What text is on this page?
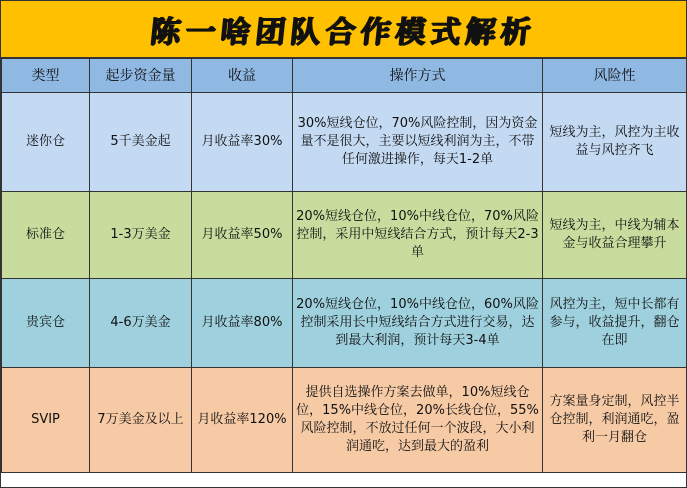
陈一啥团队合作模式解析
类型	起步资金量	收益	操作方式	风险性
迷你仓	5千美金起	月收益率30%	30%短线仓位，70%风险控制，因为资金量不是很大，主要以短线利润为主，不带任何激进操作，每天1-2单	短线为主，风控为主收益与风控齐飞
标准仓	1-3万美金	月收益率50%	20%短线仓位，10%中线仓位，70%风险控制，采用中短线结合方式，预计每天2-3单	短线为主，中线为辅本金与收益合理攀升
贵宾仓	4-6万美金	月收益率80%	20%短线仓位，10%中线仓位，60%风险控制采用长中短线结合方式进行交易，达到最大利润，预计每天3-4单	风控为主，短中长都有参与，收益提升，翻仓在即
SVIP	7万美金及以上	月收益率120%	提供自选操作方案去做单，10%短线仓位，15%中线仓位，20%长线仓位，55%风险控制，不放过任何一个波段，大小利润通吃，达到最大的盈利	方案量身定制，风控半仓控制，利润通吃，盈利一月翻仓
